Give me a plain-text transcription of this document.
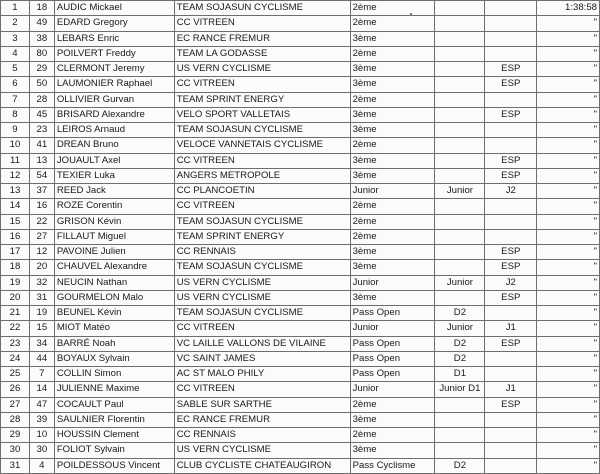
1	18	AUDIC Mickael	TEAM SOJASUN CYCLISME	2ème			1:38:58
2	49	EDARD Gregory	CC VITREEN	2ème			"
3	38	LEBARS Enric	EC RANCE FREMUR	3ème			"
4	80	POILVERT Freddy	TEAM LA GODASSE	2ème			"
5	29	CLERMONT Jeremy	US VERN CYCLISME	3ème		ESP	"
6	50	LAUMONIER Raphael	CC VITREEN	3ème		ESP	"
7	28	OLLIVIER Gurvan	TEAM SPRINT ENERGY	2ème			"
8	45	BRISARD Alexandre	VELO SPORT VALLETAIS	3ème		ESP	"
9	23	LEIROS Arnaud	TEAM SOJASUN CYCLISME	3ème			"
10	41	DREAN Bruno	VELOCE VANNETAIS CYCLISME	2ème			"
11	13	JOUAULT Axel	CC VITREEN	3ème		ESP	"
12	54	TEXIER Luka	ANGERS METROPOLE	3ème		ESP	"
13	37	REED Jack	CC PLANCOETIN	Junior	Junior	J2	"
14	16	ROZE Corentin	CC VITREEN	2ème			"
15	22	GRISON Kévin	TEAM SOJASUN CYCLISME	2ème			"
16	27	FILLAUT Miguel	TEAM SPRINT ENERGY	2ème			"
17	12	PAVOINE Julien	CC RENNAIS	3ème		ESP	"
18	20	CHAUVEL Alexandre	TEAM SOJASUN CYCLISME	3ème		ESP	"
19	32	NEUCIN Nathan	US VERN CYCLISME	Junior	Junior	J2	"
20	31	GOURMELON Malo	US VERN CYCLISME	3ème		ESP	"
21	19	BEUNEL Kévin	TEAM SOJASUN CYCLISME	Pass Open	D2		"
22	15	MIOT Matéo	CC VITREEN	Junior	Junior	J1	"
23	34	BARRÉ Noah	VC LAILLE VALLONS DE VILAINE	Pass Open	D2	ESP	"
24	44	BOYAUX Sylvain	VC SAINT JAMES	Pass Open	D2		"
25	7	COLLIN Simon	AC ST MALO PHILY	Pass Open	D1		"
26	14	JULIENNE Maxime	CC VITREEN	Junior	Junior D1	J1	"
27	47	COCAULT Paul	SABLE SUR SARTHE	2ème		ESP	"
28	39	SAULNIER Florentin	EC RANCE FREMUR	3ème			"
29	10	HOUSSIN Clement	CC RENNAIS	2ème			"
30	30	FOLIOT Sylvain	US VERN CYCLISME	3ème			"
31	4	POILDESSOUS Vincent	CLUB CYCLISTE CHATEAUGIRON	Pass Cyclisme	D2		"
